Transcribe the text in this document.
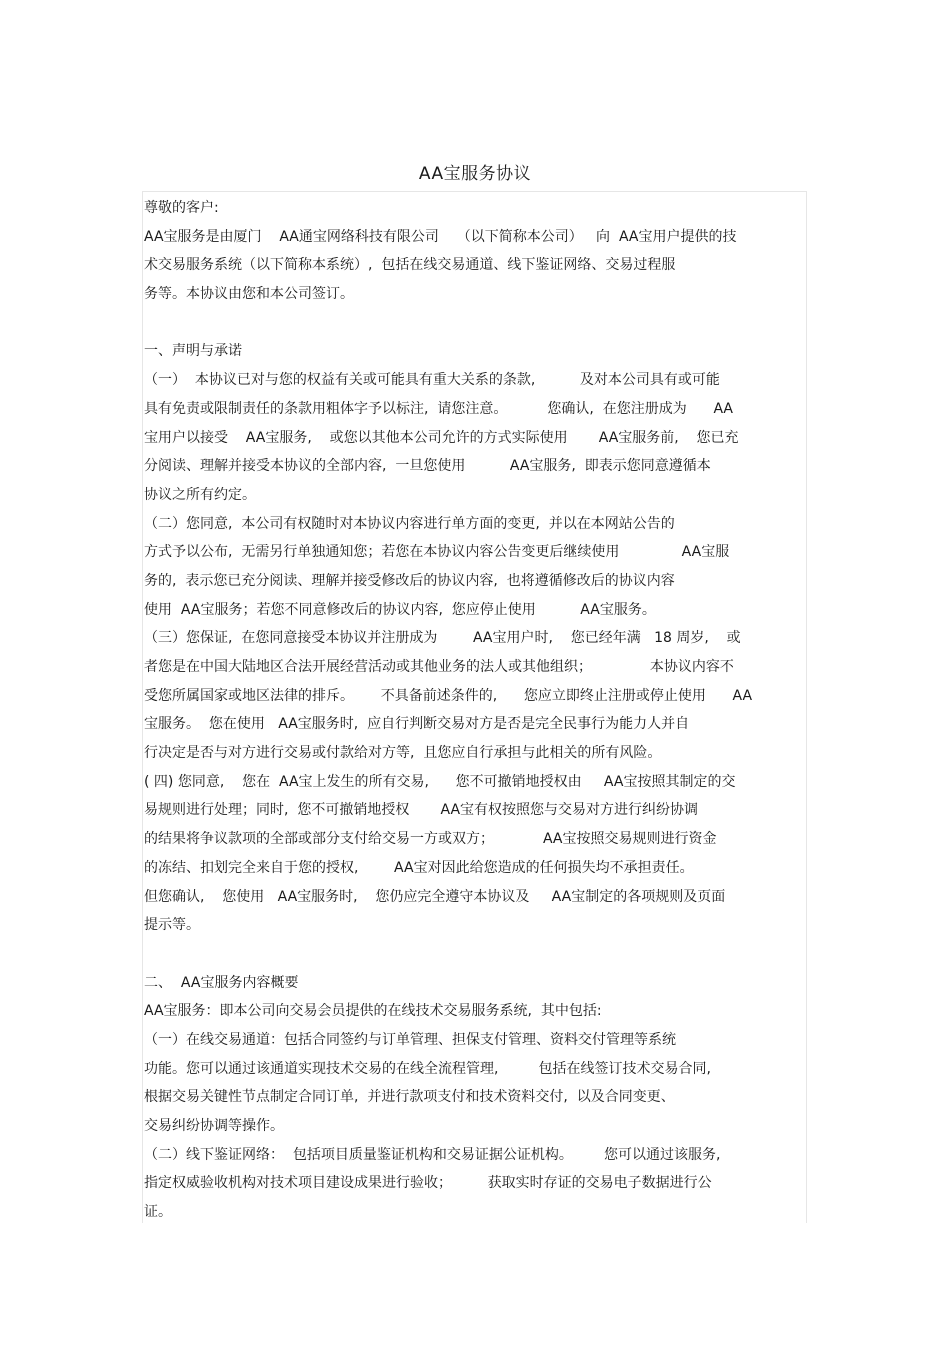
AA宝服务协议
尊敬的客户:
AA宝服务是由厦门    AA通宝网络科技有限公司    （以下简称本公司）   向  AA宝用户提供的技
术交易服务系统（以下简称本系统）,  包括在线交易通道、线下鉴证网络、交易过程服
务等。本协议由您和本公司签订。
一、声明与承诺
（一）  本协议已对与您的权益有关或可能具有重大关系的条款,          及对本公司具有或可能
具有免责或限制责任的条款用粗体字予以标注,  请您注意。         您确认,  在您注册成为      AA
宝用户以接受    AA宝服务,    或您以其他本公司允许的方式实际使用       AA宝服务前,    您已充
分阅读、理解并接受本协议的全部内容,  一旦您使用          AA宝服务,  即表示您同意遵循本
协议之所有约定。
（二）您同意,  本公司有权随时对本协议内容进行单方面的变更,  并以在本网站公告的
方式予以公布,  无需另行单独通知您；若您在本协议内容公告变更后继续使用              AA宝服
务的,  表示您已充分阅读、理解并接受修改后的协议内容,  也将遵循修改后的协议内容
使用  AA宝服务；若您不同意修改后的协议内容,  您应停止使用          AA宝服务。
（三）您保证,  在您同意接受本协议并注册成为        AA宝用户时,    您已经年满   18 周岁,    或
者您是在中国大陆地区合法开展经营活动或其他业务的法人或其他组织；             本协议内容不
受您所属国家或地区法律的排斥。      不具备前述条件的,      您应立即终止注册或停止使用      AA
宝服务。  您在使用   AA宝服务时,  应自行判断交易对方是否是完全民事行为能力人并自
行决定是否与对方进行交易或付款给对方等,  且您应自行承担与此相关的所有风险。
( 四) 您同意,    您在  AA宝上发生的所有交易,      您不可撤销地授权由     AA宝按照其制定的交
易规则进行处理；同时,  您不可撤销地授权       AA宝有权按照您与交易对方进行纠纷协调
的结果将争议款项的全部或部分支付给交易一方或双方；           AA宝按照交易规则进行资金
的冻结、扣划完全来自于您的授权,        AA宝对因此给您造成的任何损失均不承担责任。
但您确认,    您使用   AA宝服务时,    您仍应完全遵守本协议及     AA宝制定的各项规则及页面
提示等。
二、  AA宝服务内容概要
AA宝服务：即本公司向交易会员提供的在线技术交易服务系统,  其中包括:
（一）在线交易通道：包括合同签约与订单管理、担保支付管理、资料交付管理等系统
功能。您可以通过该通道实现技术交易的在线全流程管理,         包括在线签订技术交易合同,
根据交易关键性节点制定合同订单,  并进行款项支付和技术资料交付,  以及合同变更、
交易纠纷协调等操作。
（二）线下鉴证网络：  包括项目质量鉴证机构和交易证据公证机构。       您可以通过该服务,
指定权威验收机构对技术项目建设成果进行验收；        获取实时存证的交易电子数据进行公
证。
